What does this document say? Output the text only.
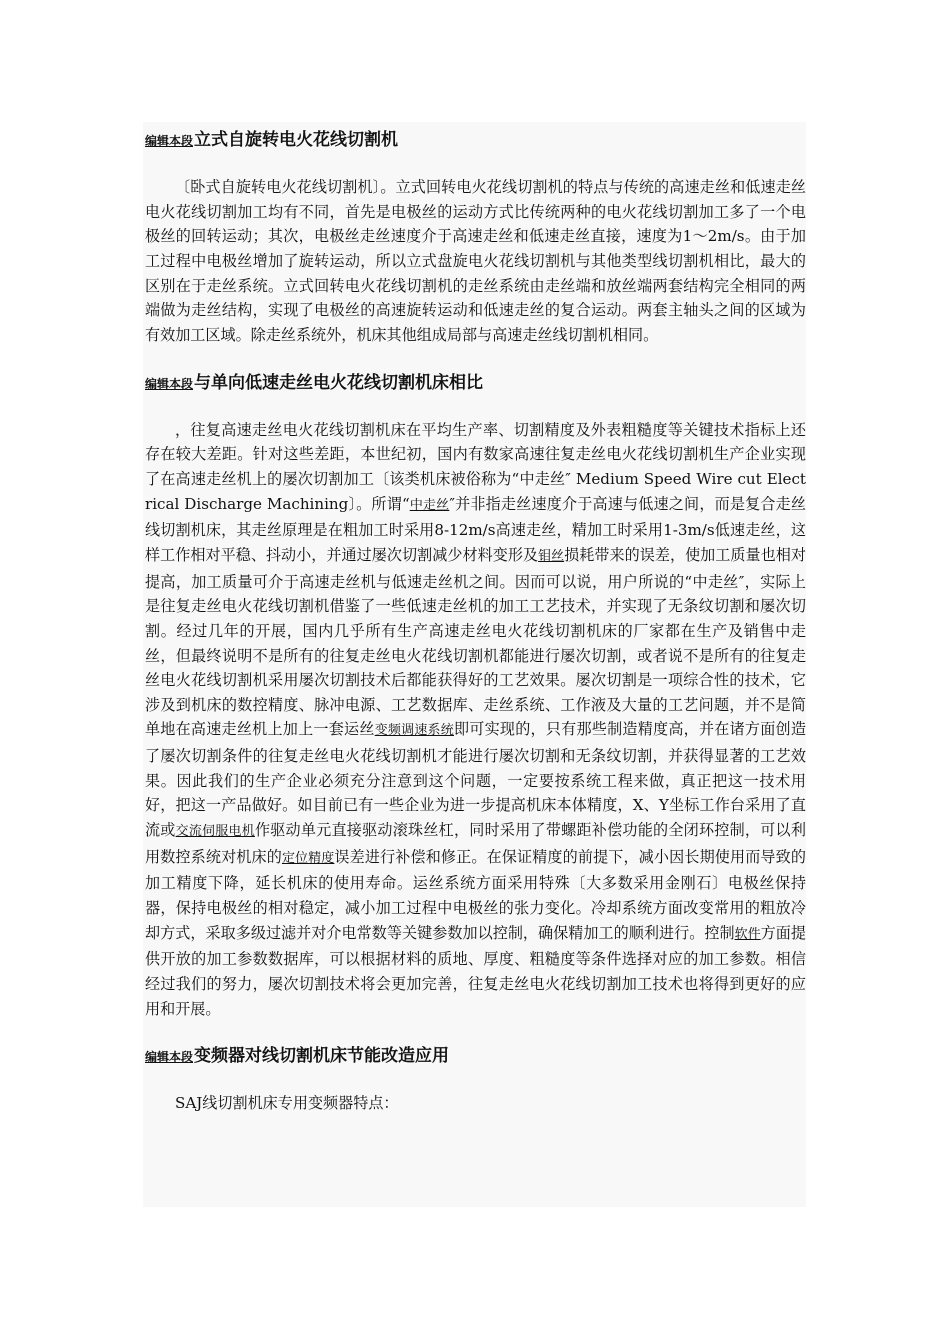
编辑本段立式自旋转电火花线切割机

〔卧式自旋转电火花线切割机〕。立式回转电火花线切割机的特点与传统的高速走丝和低速走丝电火花线切割加工均有不同，首先是电极丝的运动方式比传统两种的电火花线切割加工多了一个电极丝的回转运动；其次，电极丝走丝速度介于高速走丝和低速走丝直接，速度为1～2m/s。由于加工过程中电极丝增加了旋转运动，所以立式盘旋电火花线切割机与其他类型线切割机相比，最大的区别在于走丝系统。立式回转电火花线切割机的走丝系统由走丝端和放丝端两套结构完全相同的两端做为走丝结构，实现了电极丝的高速旋转运动和低速走丝的复合运动。两套主轴头之间的区域为有效加工区域。除走丝系统外，机床其他组成局部与高速走丝线切割机相同。

编辑本段与单向低速走丝电火花线切割机床相比

，往复高速走丝电火花线切割机床在平均生产率、切割精度及外表粗糙度等关键技术指标上还存在较大差距。针对这些差距，本世纪初，国内有数家高速往复走丝电火花线切割机生产企业实现了在高速走丝机上的屡次切割加工〔该类机床被俗称为“中走丝″ Medium Speed Wire cut Electrical Discharge Machining〕。所谓“中走丝″并非指走丝速度介于高速与低速之间，而是复合走丝线切割机床，其走丝原理是在粗加工时采用8-12m/s高速走丝，精加工时采用1-3m/s低速走丝，这样工作相对平稳、抖动小，并通过屡次切割减少材料变形及钼丝损耗带来的误差，使加工质量也相对提高，加工质量可介于高速走丝机与低速走丝机之间。因而可以说，用户所说的“中走丝″，实际上是往复走丝电火花线切割机借鉴了一些低速走丝机的加工工艺技术，并实现了无条纹切割和屡次切割。经过几年的开展，国内几乎所有生产高速走丝电火花线切割机床的厂家都在生产及销售中走丝，但最终说明不是所有的往复走丝电火花线切割机都能进行屡次切割，或者说不是所有的往复走丝电火花线切割机采用屡次切割技术后都能获得好的工艺效果。屡次切割是一项综合性的技术，它涉及到机床的数控精度、脉冲电源、工艺数据库、走丝系统、工作液及大量的工艺问题，并不是简单地在高速走丝机上加上一套运丝变频调速系统即可实现的，只有那些制造精度高，并在诸方面创造了屡次切割条件的往复走丝电火花线切割机才能进行屡次切割和无条纹切割，并获得显著的工艺效果。因此我们的生产企业必须充分注意到这个问题，一定要按系统工程来做，真正把这一技术用好，把这一产品做好。如目前已有一些企业为进一步提高机床本体精度，X、Y坐标工作台采用了直流或交流伺服电机作驱动单元直接驱动滚珠丝杠，同时采用了带螺距补偿功能的全闭环控制，可以利用数控系统对机床的定位精度误差进行补偿和修正。在保证精度的前提下，减小因长期使用而导致的加工精度下降，延长机床的使用寿命。运丝系统方面采用特殊〔大多数采用金刚石〕电极丝保持器，保持电极丝的相对稳定，减小加工过程中电极丝的张力变化。冷却系统方面改变常用的粗放冷却方式，采取多级过滤并对介电常数等关键参数加以控制，确保精加工的顺利进行。控制软件方面提供开放的加工参数数据库，可以根据材料的质地、厚度、粗糙度等条件选择对应的加工参数。相信经过我们的努力，屡次切割技术将会更加完善，往复走丝电火花线切割加工技术也将得到更好的应用和开展。

编辑本段变频器对线切割机床节能改造应用

SAJ线切割机床专用变频器特点：
